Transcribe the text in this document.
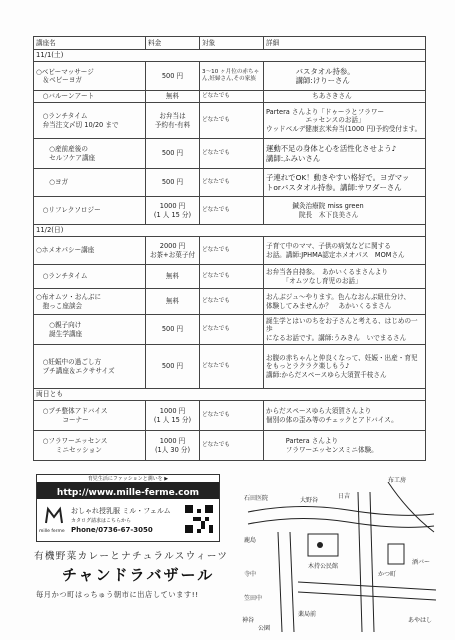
講座名	料金	対象	詳細
11/1(土)			
○ベビーマッサージ
　＆ベビーヨガ	500 円	3〜10 ヶ月位の赤ちゃ
ん,妊婦さん,その家族	　　　　バスタオル持参。
　　　　講師:けりーさん
　○バルーンアート	無料	どなたでも	　　　　　　　ちあさきさん
　○ランチタイム
　弁当注文〆切 10/20 まで	お弁当は
予約有-有料	どなたでも	Partera さんより「ドゥーラとフラワー
　　　　　　エッセンスのお話」
ウッドベルデ健康玄米弁当(1000 円)予約受付ます。
　　○産前産後の
　　セルフケア講座	500 円	どなたでも	運動不足の身体と心を活性化させよう♪
講師:ふみいさん
　　○ヨガ	500 円	どなたでも	子連れでOK！動きやすい格好で。ヨガマッ
トorバスタオル持参。講師:サワダーさん
　○リフレクソロジー	1000 円
(1 人 15 分)	どなたでも	　　　　鍼灸治療院 miss green
　　　　　院長　木下良美さん
11/2(日)			
○ホメオパシー講座	2000 円
お茶+お菓子付	どなたでも	子育て中のママ、子供の病気などに関する
お話。講師:JPHMA認定ホメオパス　MOMさん
　○ランチタイム	無料	どなたでも	お弁当各自持参。　あかいくるまさんより
　　　「オムツなし育児のお話」
○布オムツ・おんぶに
　抱っこ座談会	無料	どなたでも	おんぶジュ〜やります。色んなおんぶ紐仕分け、
体験してみませんか？　あかいくるまさん
　　○親子向け
　　誕生学講座	500 円	どなたでも	誕生学とはいのちをお子さんと考える、はじめの一歩
になるお話です。講師:うみきん　いでまるさん
　○妊娠中の過ごし方
　プチ講座＆エクササイズ	500 円	どなたでも	お腹の赤ちゃんと仲良くなって、妊娠・出産・育児
をもっとラクラク楽しもう♪
講師:からだスペースゆら大須賀千枝さん
両日とも			
　○プチ整体アドバイス
　　　　コーナー	1000 円
(1 人 15 分)	どなたでも	からだスペースゆら大須賀さんより
個別の体の歪み等のチェックとアドバイス。
　○フラワーエッセンス
　　　ミニセッション	1000 円
(1人 30 分)	どなたでも	　　　Partera さんより
　　　フラワーエッセンスミニ体験。
育児生活にファッションと潤いを ▶
http://www.mille-ferme.com
mille ferme
おしゃれ授乳服 ミル・フェルム
カタログ請求はこちらから
Phone/0736-67-3050
有機野菜カレーとナチュラルスウィーツ
チャンドラバザール
毎月かつ町はっちゅう朝市に出店しています!!
布工房
石田医院
鹿島
大野谷
木持公民館
日吉
かつ町
あやはし
寺中
笠田中
薬局前
神谷
公園
酒バー
